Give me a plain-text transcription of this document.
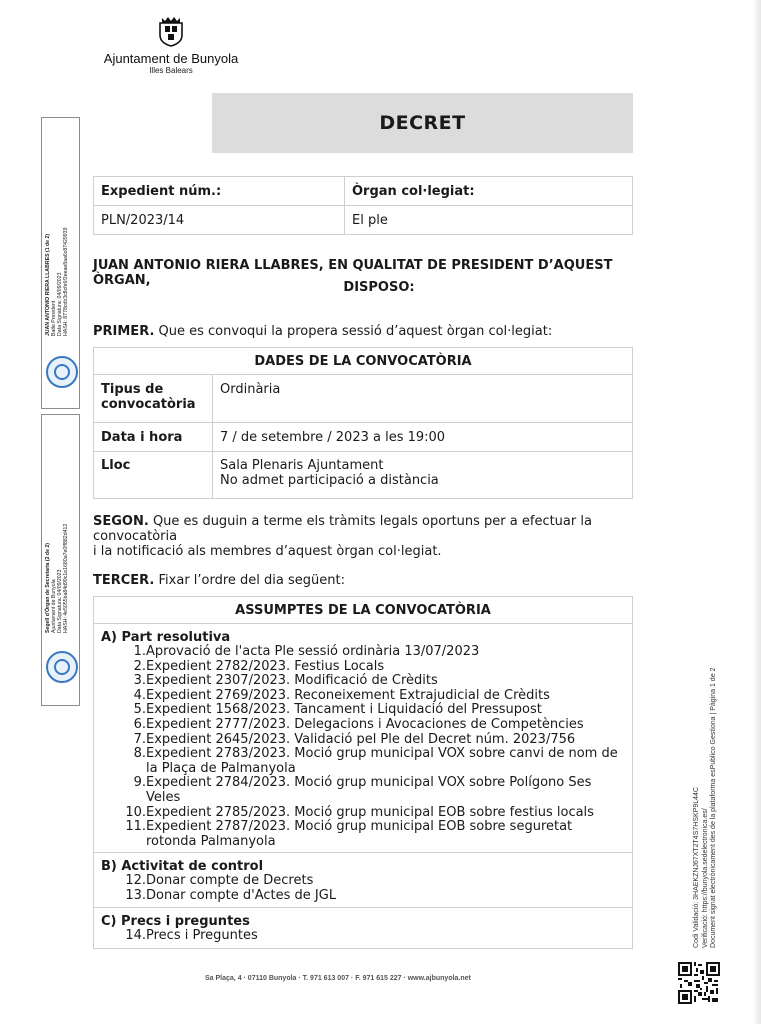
Ajuntament de Bunyola
Illes Balears
DECRET
Expedient núm.:	Òrgan col·legiat:
PLN/2023/14	El ple
JUAN ANTONIO RIERA LLABRES, EN QUALITAT DE PRESIDENT D’AQUEST ÒRGAN,	DISPOSO:
PRIMER. Que es convoqui la propera sessió d’aquest òrgan col·legiat:
DADES DE LA CONVOCATÒRIA	
Tipus de convocatòria	Ordinària
Data i hora	7 / de setembre / 2023 a les 19:00
Lloc	Sala Plenaris Ajuntament
No admet participació a distància
SEGON. Que es duguin a terme els tràmits legals oportuns per a efectuar la convocatòria
i la notificació als membres d’aquest òrgan col·legiat.
TERCER. Fixar l’ordre del dia següent:
ASSUMPTES DE LA CONVOCATÒRIA

A) Part resolutiva
1. Aprovació de l'acta Ple sessió ordinària 13/07/2023
2. Expedient 2782/2023. Festius Locals
3. Expedient 2307/2023. Modificació de Crèdits
4. Expedient 2769/2023. Reconeixement Extrajudicial de Crèdits
5. Expedient 1568/2023. Tancament i Liquidació del Pressupost
6. Expedient 2777/2023. Delegacions i Avocaciones de Competències
7. Expedient 2645/2023. Validació pel Ple del Decret núm. 2023/756
8. Expedient 2783/2023. Moció grup municipal VOX sobre canvi de nom de la Plaça de Palmanyola
9. Expedient 2784/2023. Moció grup municipal VOX sobre Polígono Ses Veles
10. Expedient 2785/2023. Moció grup municipal EOB sobre festius locals
11. Expedient 2787/2023. Moció grup municipal EOB sobre seguretat rotonda Palmanyola

B) Activitat de control
12. Donar compte de Decrets
13. Donar compte d'Actes de JGL

C) Precs i preguntes
14. Precs i Preguntes
JUAN ANTONIO RIERA LLABRES (1 de 2) Batle President Data Signatura: 04/09/2023 HASH: 8778cdb3c8cfe6f3eeae8aa6c87429939
Segell d'Òrgan de Secretaria (2 de 2) Ajuntament de Bunyola Data Signatura: 04/09/2023 HASH: 4e5055ba84d99c1e1680a7e0ff882d412
Codi Validació: 3HAEKZNJ67XT2T4S7HSKP9L44C Verificació: https://bunyola.sedelectronica.es/ Document signat electrònicament des de la plataforma esPublico Gestiona | Pàgina 1 de 2
Sa Plaça, 4 · 07110 Bunyola · T. 971 613 007 · F. 971 615 227 · www.ajbunyola.net
